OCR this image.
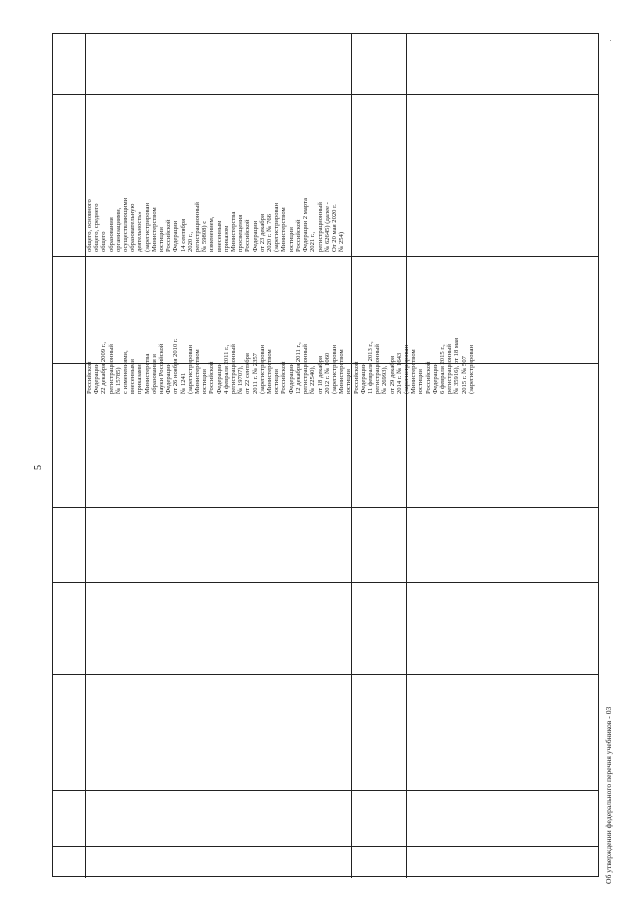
5
Российской Федерации 22 декабря 2009 г., регистрационный № 15785) с изменениями, внесенными приказами Министерства образования и науки Российской Федерации от 26 ноября 2010 г. № 1241 (зарегистрирован Министерством юстиции Российской Федерации 4 февраля 2011 г., регистрационный № 19707), от 22 сентября 2011 г. № 2357 (зарегистрирован Министерством юстиции Российской Федерации 12 декабря 2011 г., регистрационный № 22540), от 18 декабря 2012 г. № 1060 (зарегистрирован Министерством юстиции Российской Федерации 11 февраля 2013 г., регистрационный № 26993), от 29 декабря 2014 г. № 1643 (зарегистрирован Министерством юстиции Российской Федерации 6 февраля 2015 г., регистрационный № 35916), от 18 мая 2015 г. № 507 (зарегистрирован
общего, основного общего, среднего общего образования организациями, осуществляющими образовательную деятельность» (зарегистрирован Министерством юстиции Российской Федерации 14 сентября 2020 г., регистрационный № 59808) с изменением, внесенным приказом Министерства просвещения Российской Федерации от 23 декабря 2020 г. № 766 (зарегистрирован Министерством юстиции Российской Федерации 2 марта 2021 г., регистрационный № 62645) (далее - От 20 мая 2020 г. № 254)
Об утверждении федерального перечня учебников - 03
